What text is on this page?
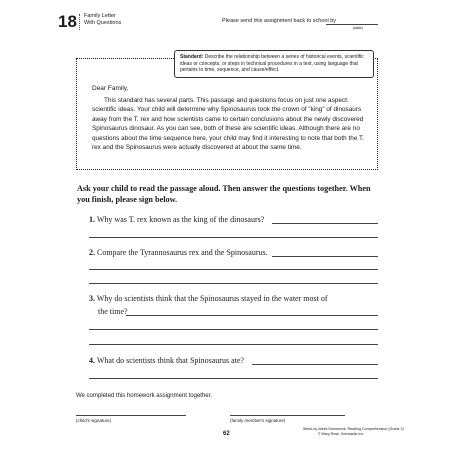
18 Family Letter
With Questions	Please send this assignment back to school by
(date)
Standard: Describe the relationship between a series of historical events, scientific ideas or concepts, or steps in technical procedures in a text, using language that pertains to time, sequence, and cause/effect.
Dear Family,
This standard has several parts. This passage and questions focus on just one aspect: scientific ideas. Your child will determine why Spinosaurus took the crown of "king" of dinosaurs away from the T. rex and how scientists came to certain conclusions about the newly discovered Spinosaurus dinosaur. As you can see, both of these are scientific ideas. Although there are no questions about the time sequence here, your child may find it interesting to note that both the T. rex and the Spinosaurus were actually discovered at about the same time.
Ask your child to read the passage aloud. Then answer the questions together. When you finish, please sign below.
1. Why was T. rex known as the king of the dinosaurs?
2. Compare the Tyrannosaurus rex and the Spinosaurus.
3. Why do scientists think that the Spinosaurus stayed in the water most of
the time?
4. What do scientists think that Spinosaurus ate?
We completed this homework assignment together.
(child's signature)	(family member's signature)
62
Week-by-Week Homework: Reading Comprehension (Grade 3)
© Mary Rose, Scholastic Inc.
